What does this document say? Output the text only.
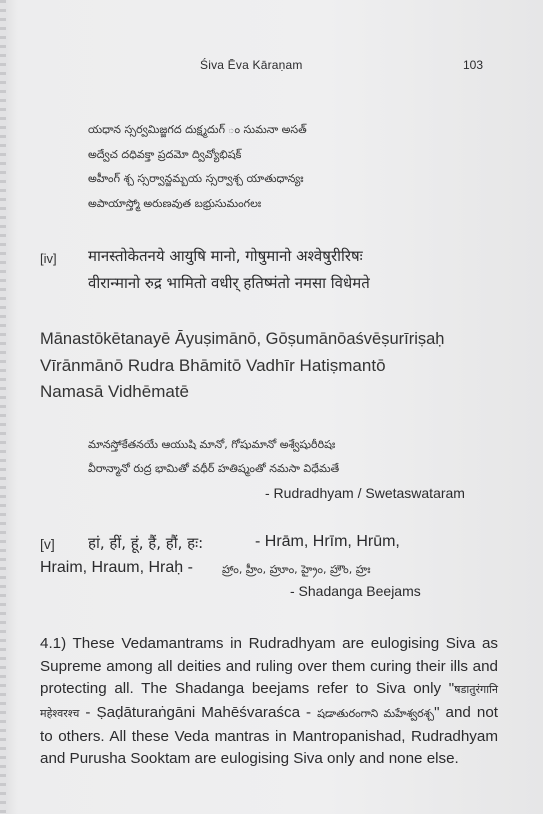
Śiva Ēva Kāraṇam	103
యధాన స్సర్వమిజ్జగద దుక్ష్మదుగ్ ం సుమనా అసత్
అద్వేచ దధివక్తా ప్రదమో ద్వివ్యోభిషక్
అహీంగ్ శ్చ స్సర్వాన్జమ్బయ స్సర్వాశ్చ యాతుధాన్యః
అపాయాస్త్మో అరుణవుత బభ్రుసుమంగలః
[iv] मानस्तोकेतनये आयुषि मानो, गोषुमानो अश्वेषुरीरिषः
वीरान्मानो रुद्र भामितो वधीर् हतिष्मंतो नमसा विधेमते
Mānastōkētanayē Āyuṣimānō, Gōṣumānōaśvēṣurīriṣaḥ
Vīrānmānō Rudra Bhāmitō Vadhīr Hatiṣmantō
Namasā Vidhēmatē
మానస్తోకేతనయే ఆయుషి మానో, గోషుమానో అశ్వేషురీరిషః
వీరాన్మానో రుద్ర భామితో వధీర్ హతిష్మంతో నమసా విధేమతే
- Rudradhyam / Swetaswataram
[v] हां, हीं, हूं, हैं, हौं, हः:	- Hrām, Hrīm, Hrūm,
Hraim, Hraum, Hraḥ -	హ్రాం, హ్రీం, హ్రూం, హ్రైం, హ్రౌం, హ్రః
- Shadanga Beejams

4.1) These Vedamantrams in Rudradhyam are eulogising Siva as Supreme among all deities and ruling over them curing their ills and protecting all. The Shadanga beejams refer to Siva only "षडातुरंगानि महेश्वरश्च - Ṣaḍāturaṅgāni Mahēśvaraśca - షడాతురంగాని మహేశ్వరశ్చ" and not to others. All these Veda mantras in Mantropanishad, Rudradhyam and Purusha Sooktam are eulogising Siva only and none else.
